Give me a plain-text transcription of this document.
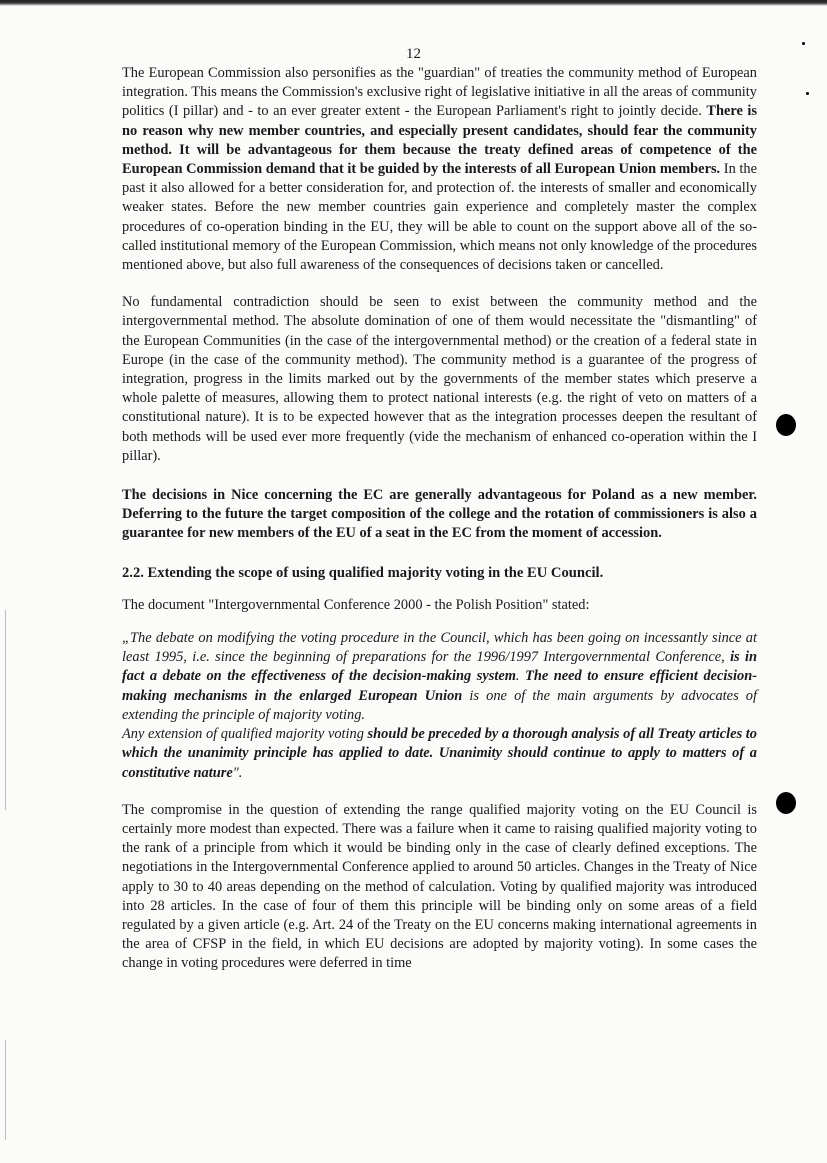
12

The European Commission also personifies as the "guardian" of treaties the community method of European integration. This means the Commission's exclusive right of legislative initiative in all the areas of community politics (I pillar) and - to an ever greater extent - the European Parliament's right to jointly decide. There is no reason why new member countries, and especially present candidates, should fear the community method. It will be advantageous for them because the treaty defined areas of competence of the European Commission demand that it be guided by the interests of all European Union members. In the past it also allowed for a better consideration for, and protection of. the interests of smaller and economically weaker states. Before the new member countries gain experience and completely master the complex procedures of co-operation binding in the EU, they will be able to count on the support above all of the so-called institutional memory of the European Commission, which means not only knowledge of the procedures mentioned above, but also full awareness of the consequences of decisions taken or cancelled.

No fundamental contradiction should be seen to exist between the community method and the intergovernmental method. The absolute domination of one of them would necessitate the "dismantling" of the European Communities (in the case of the intergovernmental method) or the creation of a federal state in Europe (in the case of the community method). The community method is a guarantee of the progress of integration, progress in the limits marked out by the governments of the member states which preserve a whole palette of measures, allowing them to protect national interests (e.g. the right of veto on matters of a constitutional nature). It is to be expected however that as the integration processes deepen the resultant of both methods will be used ever more frequently (vide the mechanism of enhanced co-operation within the I pillar).

The decisions in Nice concerning the EC are generally advantageous for Poland as a new member. Deferring to the future the target composition of the college and the rotation of commissioners is also a guarantee for new members of the EU of a seat in the EC from the moment of accession.

2.2. Extending the scope of using qualified majority voting in the EU Council.

The document "Intergovernmental Conference 2000 - the Polish Position" stated:

„The debate on modifying the voting procedure in the Council, which has been going on incessantly since at least 1995, i.e. since the beginning of preparations for the 1996/1997 Intergovernmental Conference, is in fact a debate on the effectiveness of the decision-making system. The need to ensure efficient decision-making mechanisms in the enlarged European Union is one of the main arguments by advocates of extending the principle of majority voting.

Any extension of qualified majority voting should be preceded by a thorough analysis of all Treaty articles to which the unanimity principle has applied to date. Unanimity should continue to apply to matters of a constitutive nature".

The compromise in the question of extending the range qualified majority voting on the EU Council is certainly more modest than expected. There was a failure when it came to raising qualified majority voting to the rank of a principle from which it would be binding only in the case of clearly defined exceptions. The negotiations in the Intergovernmental Conference applied to around 50 articles. Changes in the Treaty of Nice apply to 30 to 40 areas depending on the method of calculation. Voting by qualified majority was introduced into 28 articles. In the case of four of them this principle will be binding only on some areas of a field regulated by a given article (e.g. Art. 24 of the Treaty on the EU concerns making international agreements in the area of CFSP in the field, in which EU decisions are adopted by majority voting). In some cases the change in voting procedures were deferred in time
